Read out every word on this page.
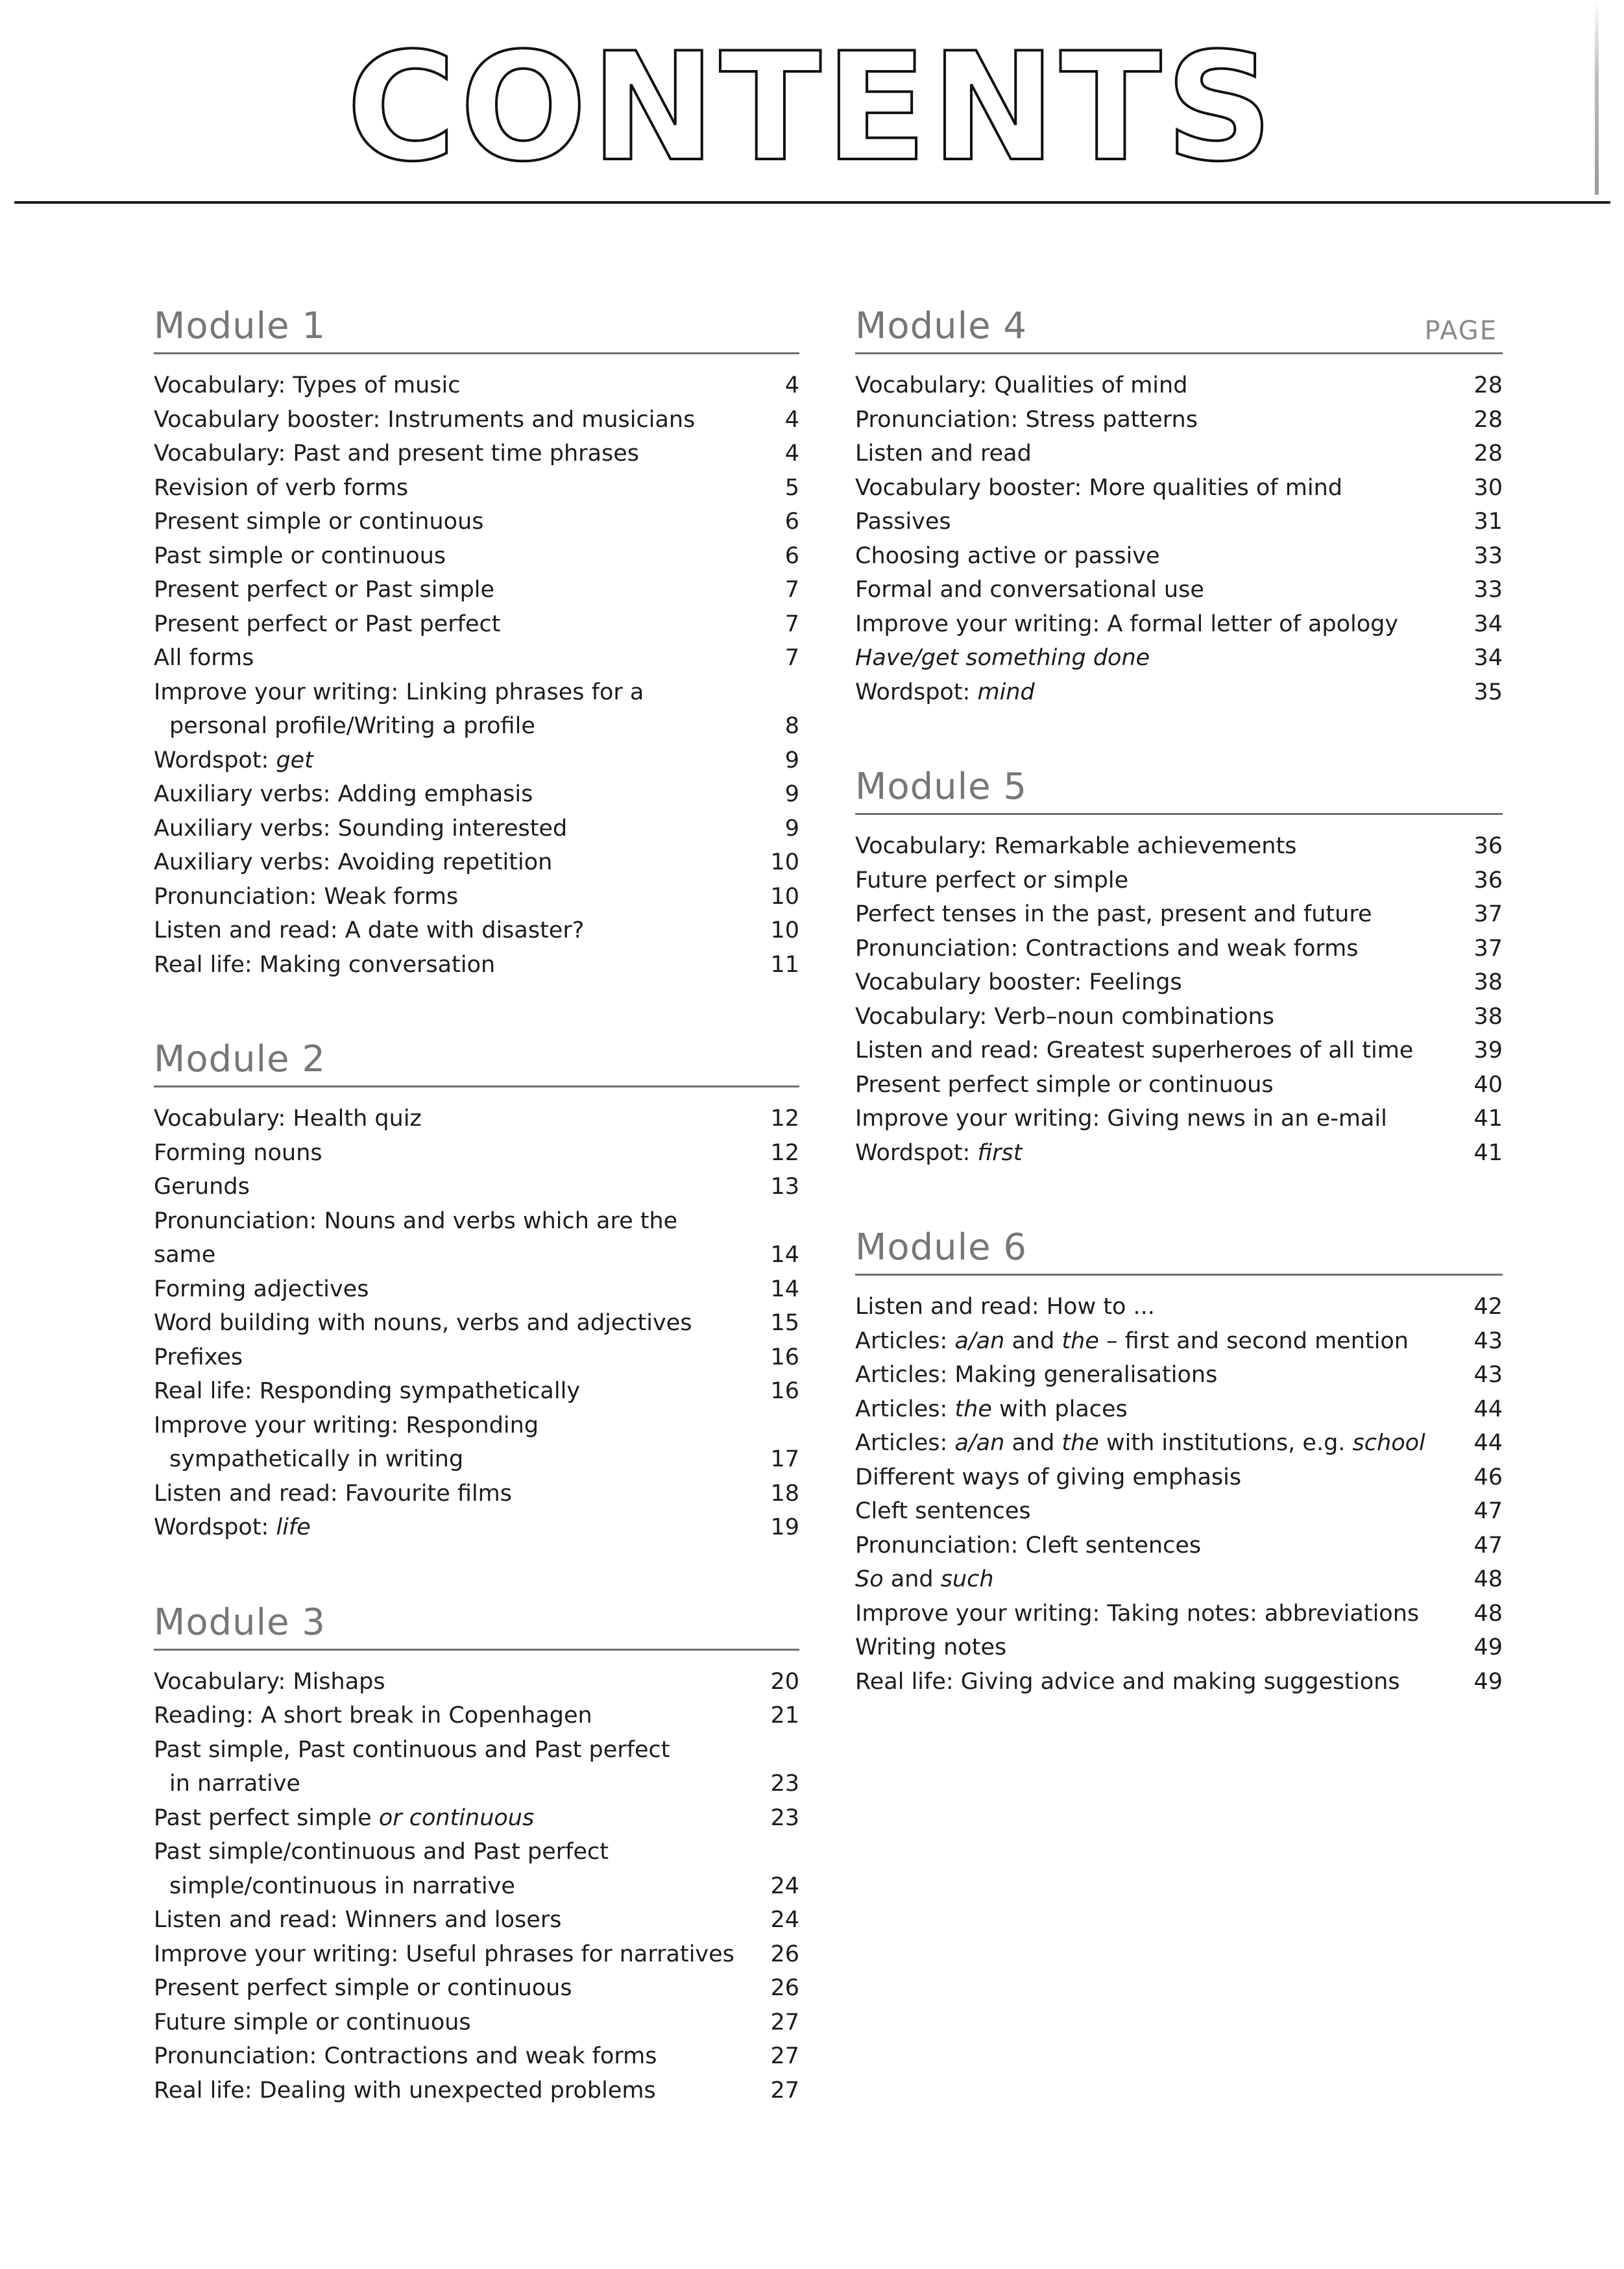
CONTENTS
Module 1
Vocabulary: Types of music	4
Vocabulary booster: Instruments and musicians	4
Vocabulary: Past and present time phrases	4
Revision of verb forms	5
Present simple or continuous	6
Past simple or continuous	6
Present perfect or Past simple	7
Present perfect or Past perfect	7
All forms	7
Improve your writing: Linking phrases for a
personal profile/Writing a profile	8
Wordspot: get	9
Auxiliary verbs: Adding emphasis	9
Auxiliary verbs: Sounding interested	9
Auxiliary verbs: Avoiding repetition	10
Pronunciation: Weak forms	10
Listen and read: A date with disaster?	10
Real life: Making conversation	11
Module 2
Vocabulary: Health quiz	12
Forming nouns	12
Gerunds	13
Pronunciation: Nouns and verbs which are the same	14
Forming adjectives	14
Word building with nouns, verbs and adjectives	15
Prefixes	16
Real life: Responding sympathetically	16
Improve your writing: Responding
sympathetically in writing	17
Listen and read: Favourite films	18
Wordspot: life	19
Module 3
Vocabulary: Mishaps	20
Reading: A short break in Copenhagen	21
Past simple, Past continuous and Past perfect
in narrative	23
Past perfect simple or continuous	23
Past simple/continuous and Past perfect
simple/continuous in narrative	24
Listen and read: Winners and losers	24
Improve your writing: Useful phrases for narratives	26
Present perfect simple or continuous	26
Future simple or continuous	27
Pronunciation: Contractions and weak forms	27
Real life: Dealing with unexpected problems	27
Module 4	PAGE
Vocabulary: Qualities of mind	28
Pronunciation: Stress patterns	28
Listen and read	28
Vocabulary booster: More qualities of mind	30
Passives	31
Choosing active or passive	33
Formal and conversational use	33
Improve your writing: A formal letter of apology	34
Have/get something done	34
Wordspot: mind	35
Module 5
Vocabulary: Remarkable achievements	36
Future perfect or simple	36
Perfect tenses in the past, present and future	37
Pronunciation: Contractions and weak forms	37
Vocabulary booster: Feelings	38
Vocabulary: Verb–noun combinations	38
Listen and read: Greatest superheroes of all time	39
Present perfect simple or continuous	40
Improve your writing: Giving news in an e-mail	41
Wordspot: first	41
Module 6
Listen and read: How to ...	42
Articles: a/an and the – first and second mention	43
Articles: Making generalisations	43
Articles: the with places	44
Articles: a/an and the with institutions, e.g. school	44
Different ways of giving emphasis	46
Cleft sentences	47
Pronunciation: Cleft sentences	47
So and such	48
Improve your writing: Taking notes: abbreviations	48
Writing notes	49
Real life: Giving advice and making suggestions	49
